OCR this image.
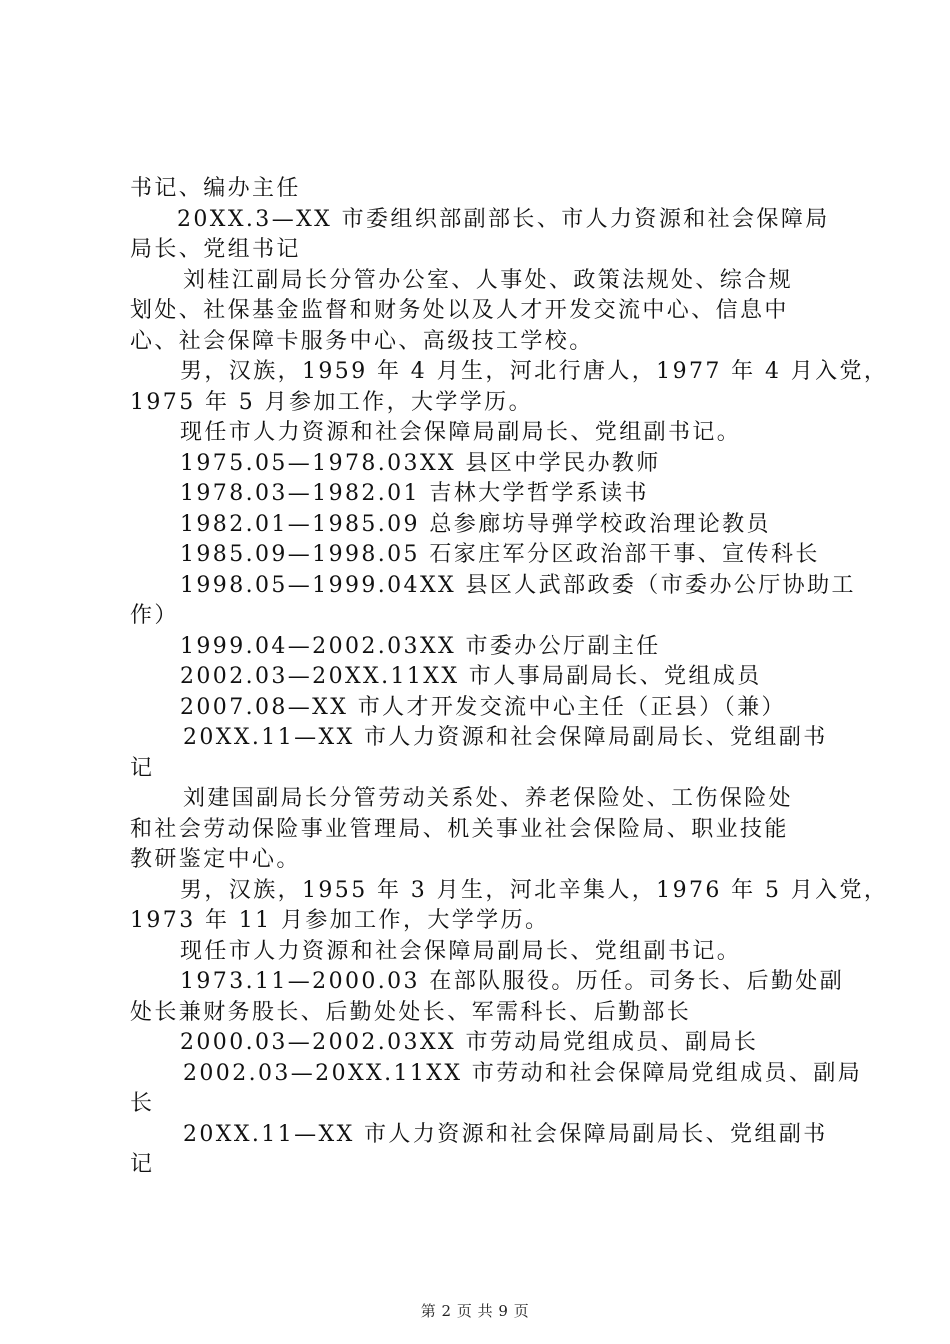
书记、编办主任
20XX.3—XX 市委组织部副部长、市人力资源和社会保障局
局长、党组书记
刘桂江副局长分管办公室、人事处、政策法规处、综合规
划处、社保基金监督和财务处以及人才开发交流中心、信息中
心、社会保障卡服务中心、高级技工学校。
男，汉族，1959 年 4 月生，河北行唐人，1977 年 4 月入党，
1975 年 5 月参加工作，大学学历。
现任市人力资源和社会保障局副局长、党组副书记。
1975.05—1978.03XX 县区中学民办教师
1978.03—1982.01 吉林大学哲学系读书
1982.01—1985.09 总参廊坊导弹学校政治理论教员
1985.09—1998.05 石家庄军分区政治部干事、宣传科长
1998.05—1999.04XX 县区人武部政委（市委办公厅协助工
作）
1999.04—2002.03XX 市委办公厅副主任
2002.03—20XX.11XX 市人事局副局长、党组成员
2007.08—XX 市人才开发交流中心主任（正县）（兼）
20XX.11—XX 市人力资源和社会保障局副局长、党组副书
记
刘建国副局长分管劳动关系处、养老保险处、工伤保险处
和社会劳动保险事业管理局、机关事业社会保险局、职业技能
教研鉴定中心。
男，汉族，1955 年 3 月生，河北辛集人，1976 年 5 月入党，
1973 年 11 月参加工作，大学学历。
现任市人力资源和社会保障局副局长、党组副书记。
1973.11—2000.03 在部队服役。历任。司务长、后勤处副
处长兼财务股长、后勤处处长、军需科长、后勤部长
2000.03—2002.03XX 市劳动局党组成员、副局长
2002.03—20XX.11XX 市劳动和社会保障局党组成员、副局
长
20XX.11—XX 市人力资源和社会保障局副局长、党组副书
记
第 2 页 共 9 页
